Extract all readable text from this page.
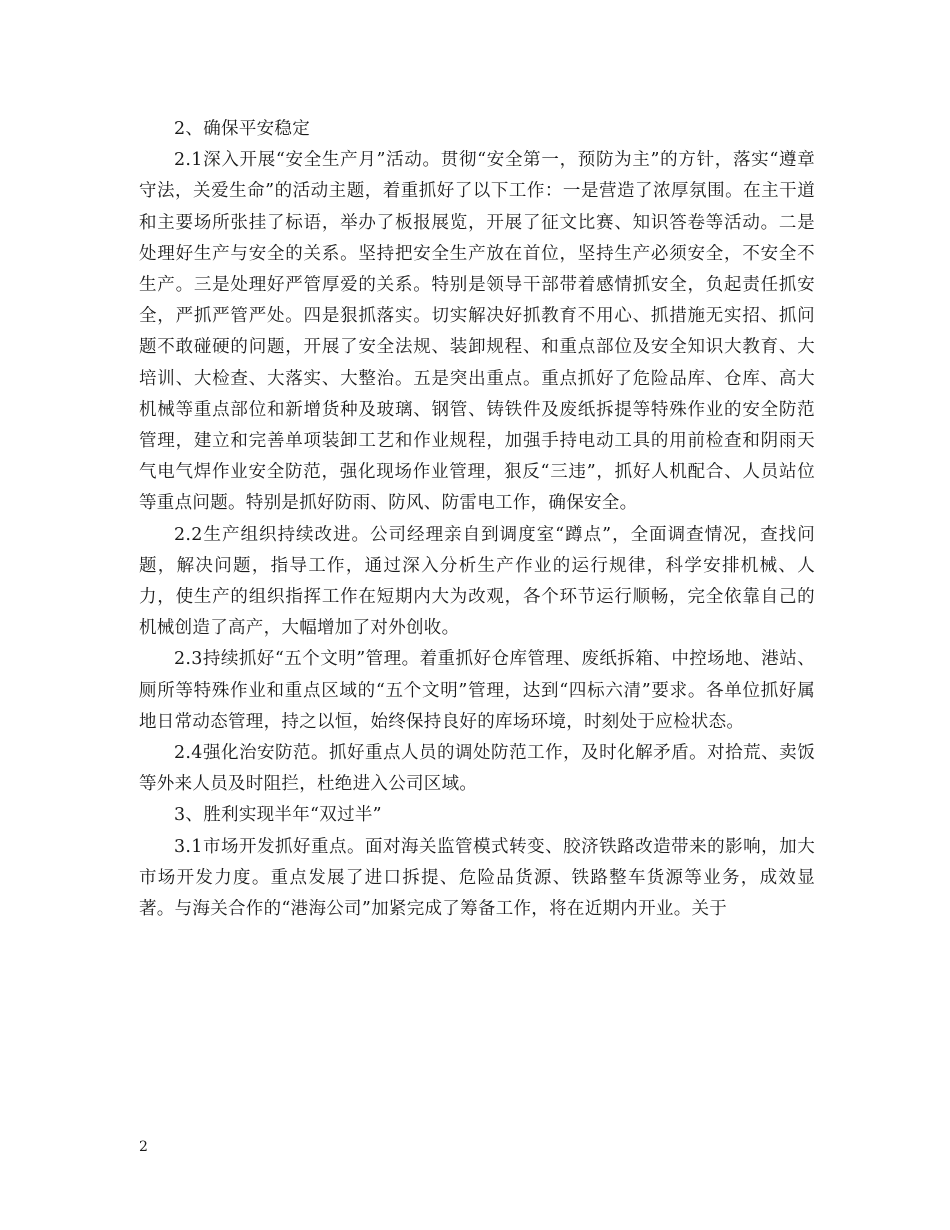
2、确保平安稳定

2.1深入开展“安全生产月”活动。贯彻“安全第一，预防为主”的方针，落实“遵章守法，关爱生命”的活动主题，着重抓好了以下工作：一是营造了浓厚氛围。在主干道和主要场所张挂了标语，举办了板报展览，开展了征文比赛、知识答卷等活动。二是处理好生产与安全的关系。坚持把安全生产放在首位，坚持生产必须安全，不安全不生产。三是处理好严管厚爱的关系。特别是领导干部带着感情抓安全，负起责任抓安全，严抓严管严处。四是狠抓落实。切实解决好抓教育不用心、抓措施无实招、抓问题不敢碰硬的问题，开展了安全法规、装卸规程、和重点部位及安全知识大教育、大培训、大检查、大落实、大整治。五是突出重点。重点抓好了危险品库、仓库、高大机械等重点部位和新增货种及玻璃、钢管、铸铁件及废纸拆提等特殊作业的安全防范管理，建立和完善单项装卸工艺和作业规程，加强手持电动工具的用前检查和阴雨天气电气焊作业安全防范，强化现场作业管理，狠反“三违”，抓好人机配合、人员站位等重点问题。特别是抓好防雨、防风、防雷电工作，确保安全。

2.2生产组织持续改进。公司经理亲自到调度室“蹲点”，全面调查情况，查找问题，解决问题，指导工作，通过深入分析生产作业的运行规律，科学安排机械、人力，使生产的组织指挥工作在短期内大为改观，各个环节运行顺畅，完全依靠自己的机械创造了高产，大幅增加了对外创收。

2.3持续抓好“五个文明”管理。着重抓好仓库管理、废纸拆箱、中控场地、港站、厕所等特殊作业和重点区域的“五个文明”管理，达到“四标六清”要求。各单位抓好属地日常动态管理，持之以恒，始终保持良好的库场环境，时刻处于应检状态。

2.4强化治安防范。抓好重点人员的调处防范工作，及时化解矛盾。对拾荒、卖饭等外来人员及时阻拦，杜绝进入公司区域。

3、胜利实现半年“双过半”

3.1市场开发抓好重点。面对海关监管模式转变、胶济铁路改造带来的影响，加大市场开发力度。重点发展了进口拆提、危险品货源、铁路整车货源等业务，成效显著。与海关合作的“港海公司”加紧完成了筹备工作，将在近期内开业。关于

2
